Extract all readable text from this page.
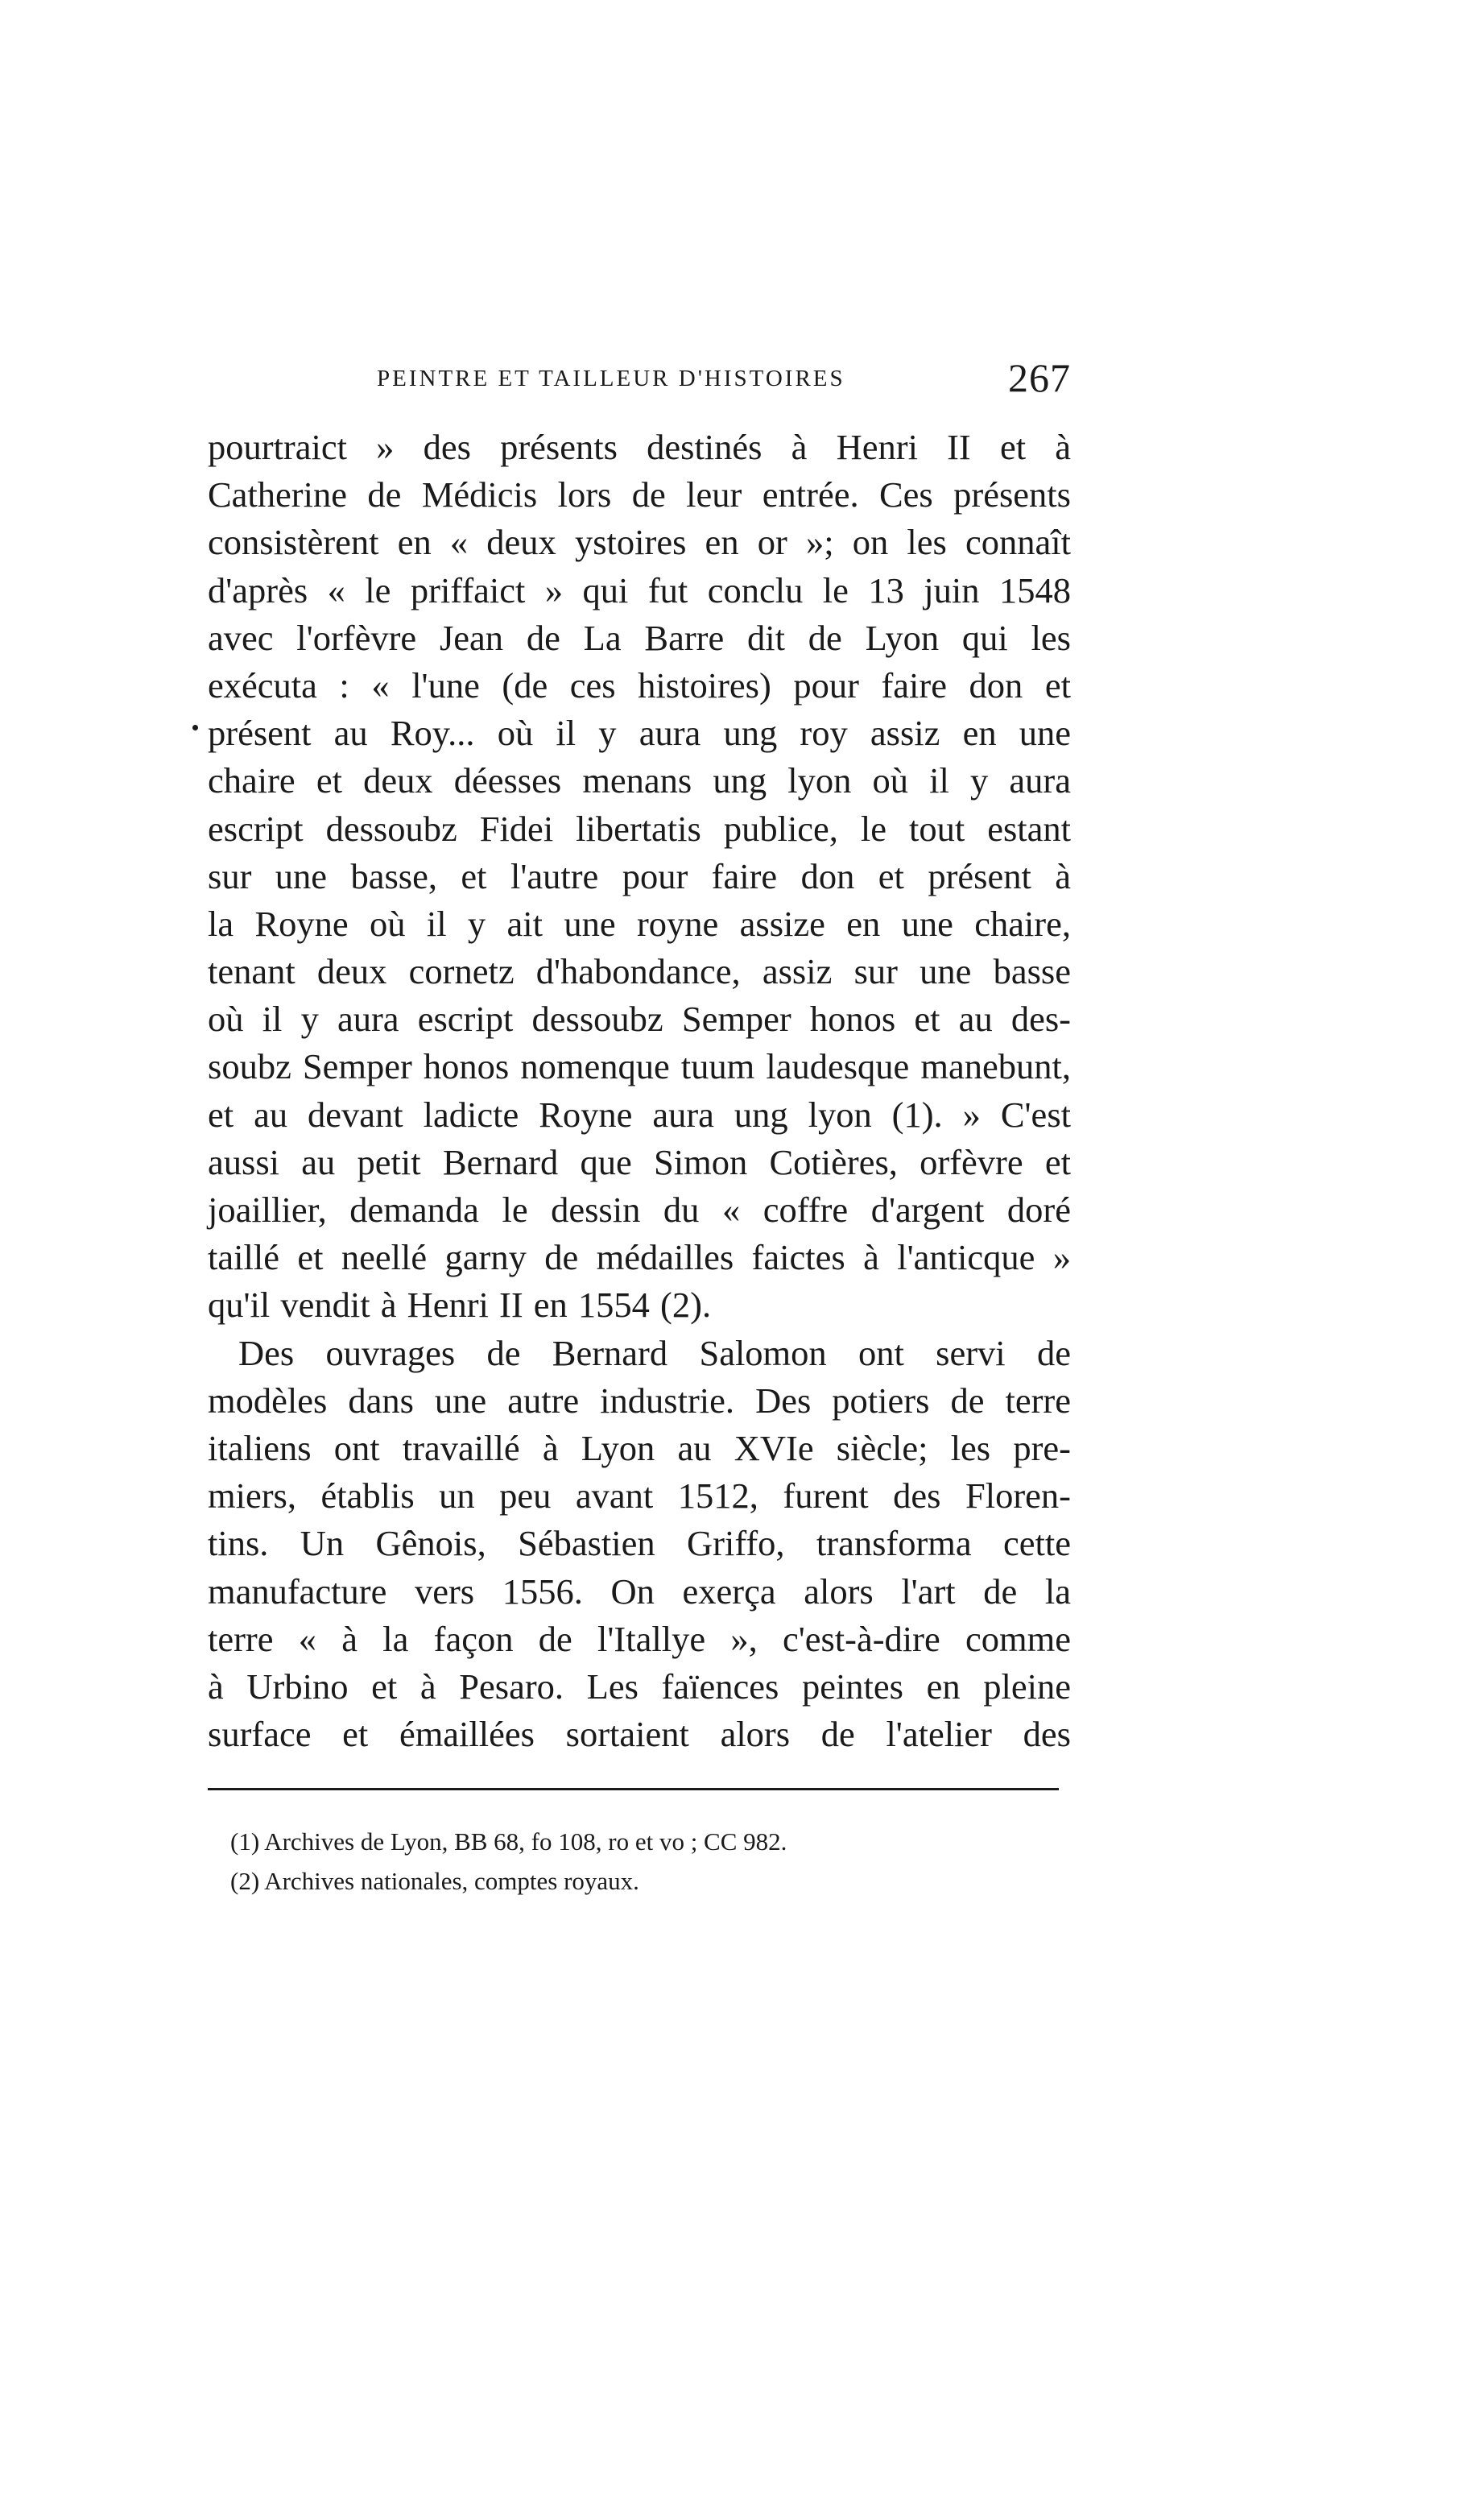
PEINTRE ET TAILLEUR D'HISTOIRES	267
pourtraict » des présents destinés à Henri II et à
Catherine de Médicis lors de leur entrée. Ces présents
consistèrent en « deux ystoires en or »; on les connaît
d'après « le priffaict » qui fut conclu le 13 juin 1548
avec l'orfèvre Jean de La Barre dit de Lyon qui les
exécuta : « l'une (de ces histoires) pour faire don et
présent au Roy... où il y aura ung roy assiz en une
chaire et deux déesses menans ung lyon où il y aura
escript dessoubz Fidei libertatis publice, le tout estant
sur une basse, et l'autre pour faire don et présent à
la Royne où il y ait une royne assize en une chaire,
tenant deux cornetz d'habondance, assiz sur une basse
où il y aura escript dessoubz Semper honos et au des-
soubz Semper honos nomenque tuum laudesque manebunt,
et au devant ladicte Royne aura ung lyon (1). » C'est
aussi au petit Bernard que Simon Cotières, orfèvre et
joaillier, demanda le dessin du « coffre d'argent doré
taillé et neellé garny de médailles faictes à l'anticque »
qu'il vendit à Henri II en 1554 (2).
Des ouvrages de Bernard Salomon ont servi de
modèles dans une autre industrie. Des potiers de terre
italiens ont travaillé à Lyon au XVIe siècle; les pre-
miers, établis un peu avant 1512, furent des Floren-
tins. Un Gênois, Sébastien Griffo, transforma cette
manufacture vers 1556. On exerça alors l'art de la
terre « à la façon de l'Itallye », c'est-à-dire comme
à Urbino et à Pesaro. Les faïences peintes en pleine
surface et émaillées sortaient alors de l'atelier des
(1) Archives de Lyon, BB 68, fo 108, ro et vo ; CC 982.
(2) Archives nationales, comptes royaux.
